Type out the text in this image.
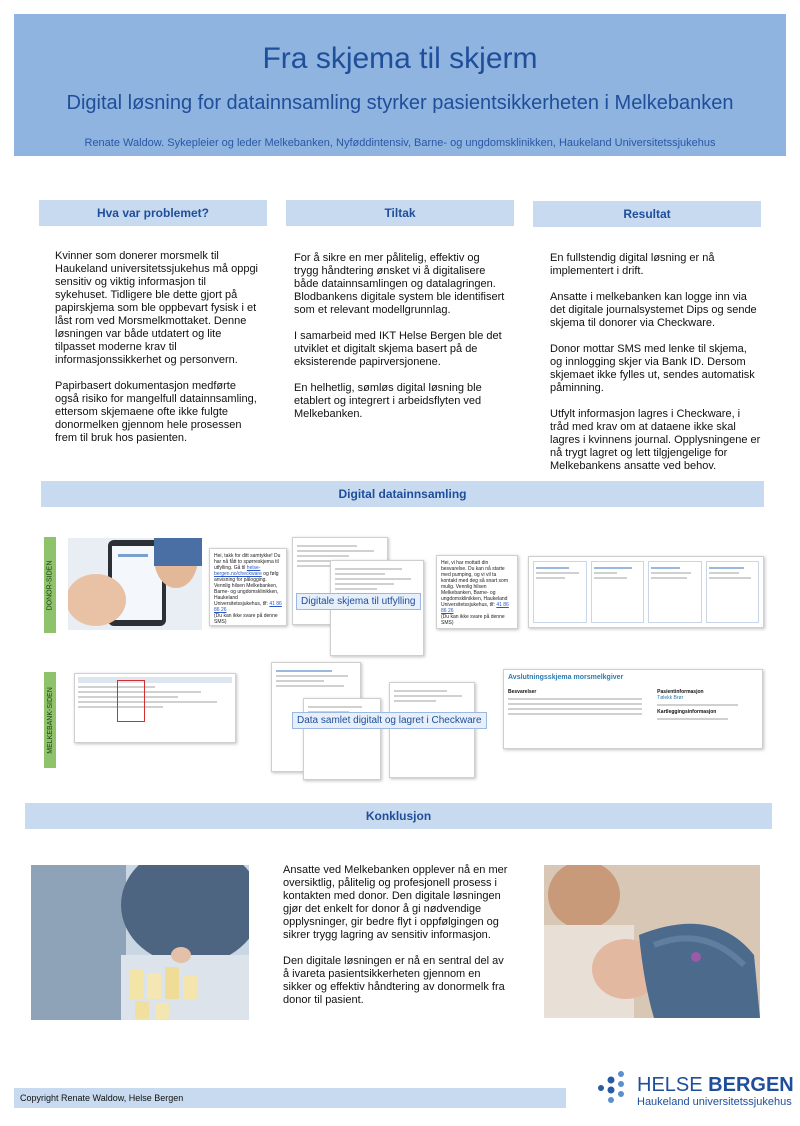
Fra skjema til skjerm
Digital løsning for datainnsamling styrker pasientsikkerheten i Melkebanken
Renate Waldow. Sykepleier og leder Melkebanken, Nyføddintensiv, Barne- og ungdomsklinikken, Haukeland Universitetssjukehus
Hva var problemet?	Tiltak	Resultat

Kvinner som donerer morsmelk til Haukeland universitetssjukehus må oppgi sensitiv og viktig informasjon til sykehuset. Tidligere ble dette gjort på papirskjema som ble oppbevart fysisk i et låst rom ved Morsmelkmottaket. Denne løsningen var både utdatert og lite tilpasset moderne krav til informasjonssikkerhet og personvern.

Papirbasert dokumentasjon medførte også risiko for mangelfull datainnsamling, ettersom skjemaene ofte ikke fulgte donormelken gjennom hele prosessen frem til bruk hos pasienten.

For å sikre en mer pålitelig, effektiv og trygg håndtering ønsket vi å digitalisere både datainnsamlingen og datalagringen. Blodbankens digitale system ble identifisert som et relevant modellgrunnlag.

I samarbeid med IKT Helse Bergen ble det utviklet et digitalt skjema basert på de eksisterende papirversjonene.

En helhetlig, sømløs digital løsning ble etablert og integrert i arbeidsflyten ved Melkebanken.

En fullstendig digital løsning er nå implementert i drift.

Ansatte i melkebanken kan logge inn via det digitale journalsystemet Dips og sende skjema til donorer via Checkware.

Donor mottar SMS med lenke til skjema, og innlogging skjer via Bank ID. Dersom skjemaet ikke fylles ut, sendes automatisk påminning.

Utfylt informasjon lagres i Checkware, i tråd med krav om at dataene ikke skal lagres i kvinnens journal. Opplysningene er nå trygt lagret og lett tilgjengelige for Melkebankens ansatte ved behov.

Digital datainnsamling
DONOR-SIDEN
Hei, takk for ditt samtykke! Du har nå fått to spørreskjema til utfylling. Gå til helse-bergen.no/checkware og følg anvisning for pålogging. Vennlig hilsen Melkebanken, Barne- og ungdomsklinikken, Haukeland Universitetssjukehus, tlf: 41 86 86 26
(Du kan ikke svare på denne SMS)
Digitale skjema til utfylling
Hei, vi har mottatt din besvarelse. Du kan nå starte med pumping, og vi vil ta kontakt med deg så snart som mulig. Vennlig hilsen Melkebanken, Barne- og ungdomsklinikken, Haukeland Universitetssjukehus, tlf: 41 86 86 26
(Du kan ikke svare på denne SMS)
MELKEBANK-SIDEN	Data samlet digitalt og lagret i Checkware
Avslutningsskjema morsmelkgiver
Besvarelser	Pasientinformasjon
Tølekk Brør
Kartleggingsinformasjon
Konklusjon

Ansatte ved Melkebanken opplever nå en mer oversiktlig, pålitelig og profesjonell prosess i kontakten med donor. Den digitale løsningen gjør det enkelt for donor å gi nødvendige opplysninger, gir bedre flyt i oppfølgingen og sikrer trygg lagring av sensitiv informasjon.

Den digitale løsningen er nå en sentral del av å ivareta pasientsikkerheten gjennom en sikker og effektiv håndtering av donormelk fra donor til pasient.

Copyright Renate Waldow, Helse Bergen
HELSE BERGEN
Haukeland universitetssjukehus
